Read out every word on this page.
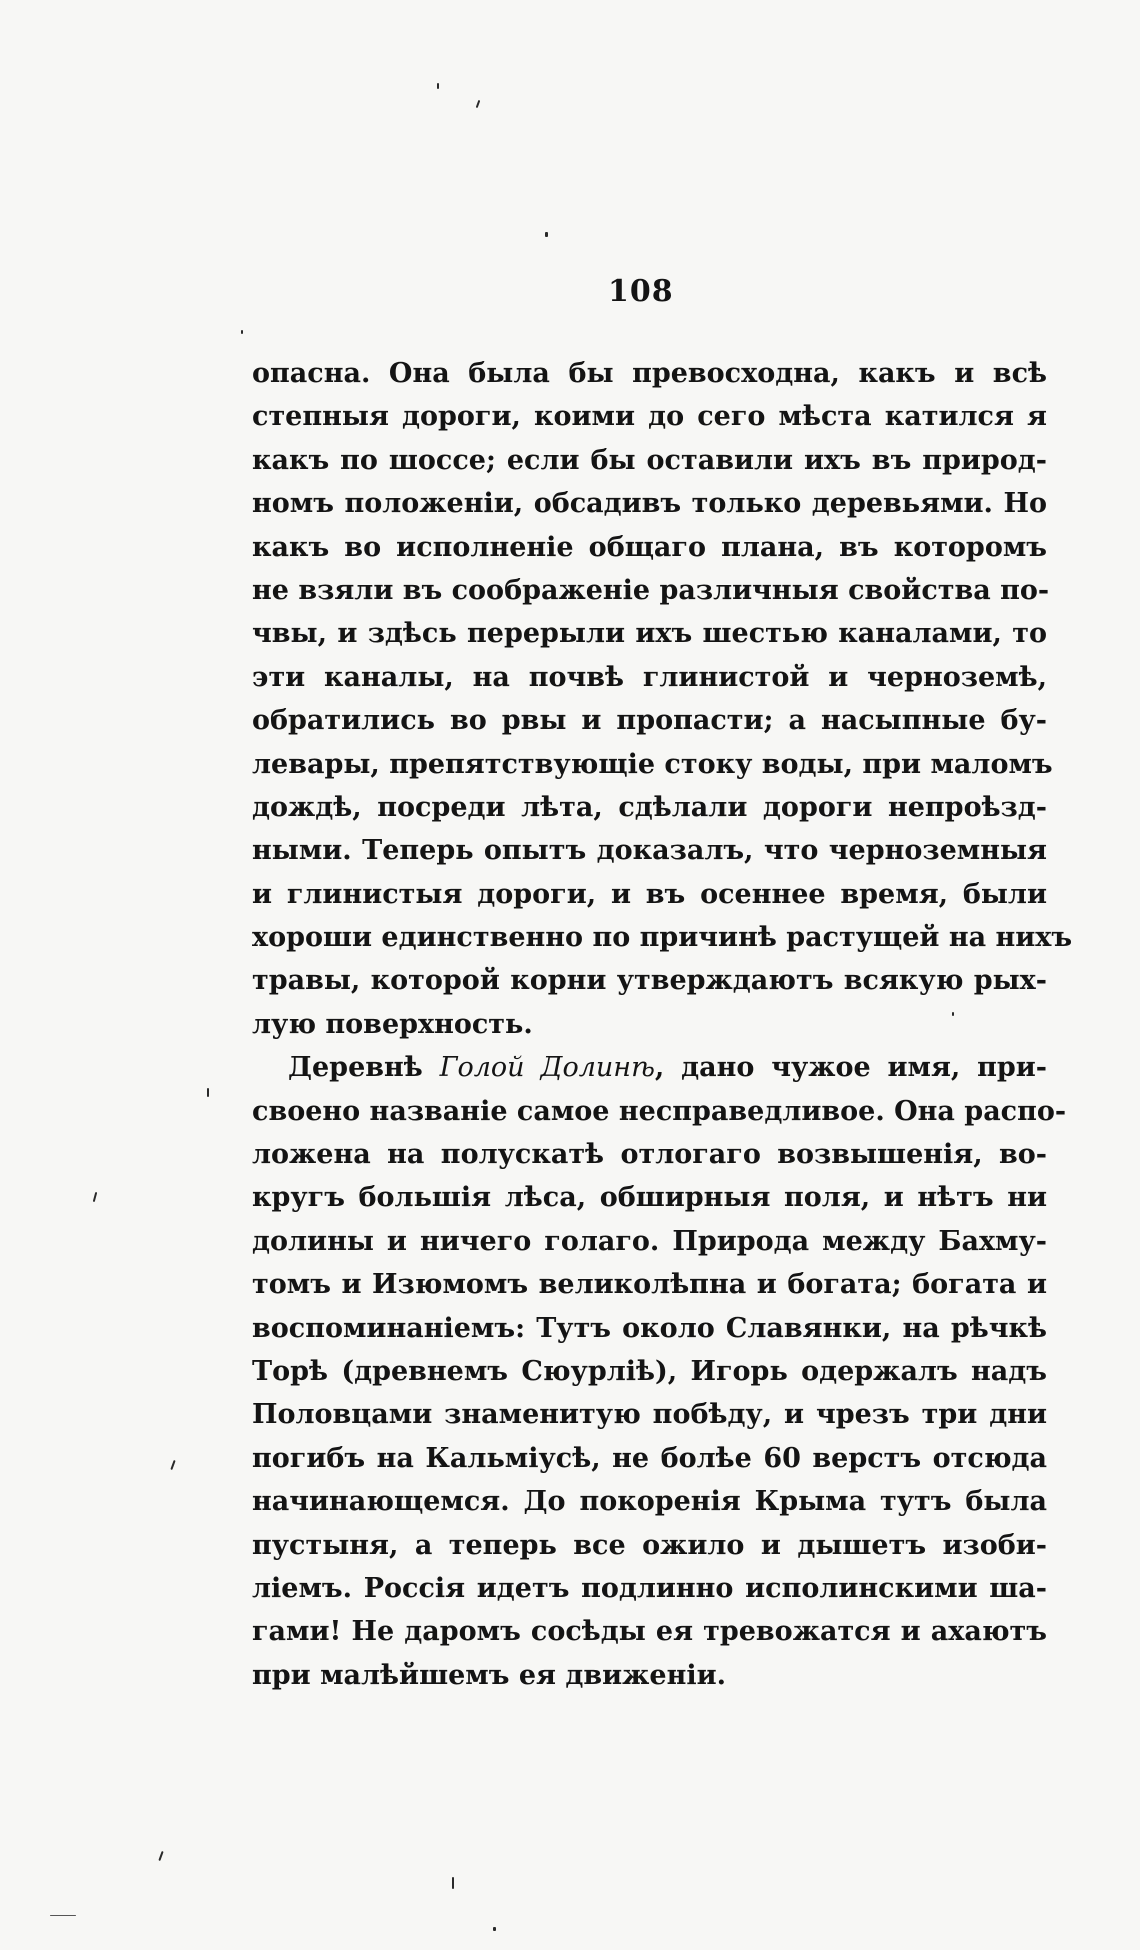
108
опасна. Она была бы превосходна, какъ и всѣ
степныя дороги, коими до сего мѣста катился я
какъ по шоссе; если бы оставили ихъ въ природ-
номъ положенiи, обсадивъ только деревьями. Но
какъ во исполненiе общаго плана, въ которомъ
не взяли въ соображенiе различныя свойства по-
чвы, и здѣсь перерыли ихъ шестью каналами, то
эти каналы, на почвѣ глинистой и черноземѣ,
обратились во рвы и пропасти; а насыпные бу-
левары, препятствующiе стоку воды, при маломъ
дождѣ, посреди лѣта, сдѣлали дороги непроѣзд-
ными. Теперь опытъ доказалъ, что черноземныя
и глинистыя дороги, и въ осеннее время, были
хороши единственно по причинѣ растущей на нихъ
травы, которой корни утверждаютъ всякую рых-
лую поверхность.
Деревнѣ Голой Долинѣ, дано чужое имя, при-
своено названiе самое несправедливое. Она распо-
ложена на полускатѣ отлогаго возвышенiя, во-
кругъ большiя лѣса, обширныя поля, и нѣтъ ни
долины и ничего голаго. Природа между Бахму-
томъ и Изюмомъ великолѣпна и богата; богата и
воспоминанiемъ: Тутъ около Славянки, на рѣчкѣ
Торѣ (древнемъ Сюурлiѣ), Игорь одержалъ надъ
Половцами знаменитую побѣду, и чрезъ три дни
погибъ на Кальмiусѣ, не болѣе 60 верстъ отсюда
начинающемся. До покоренiя Крыма тутъ была
пустыня, а теперь все ожило и дышетъ изоби-
лiемъ. Россiя идетъ подлинно исполинскими ша-
гами! Не даромъ сосѣды ея тревожатся и ахаютъ
при малѣйшемъ ея движенiи.
